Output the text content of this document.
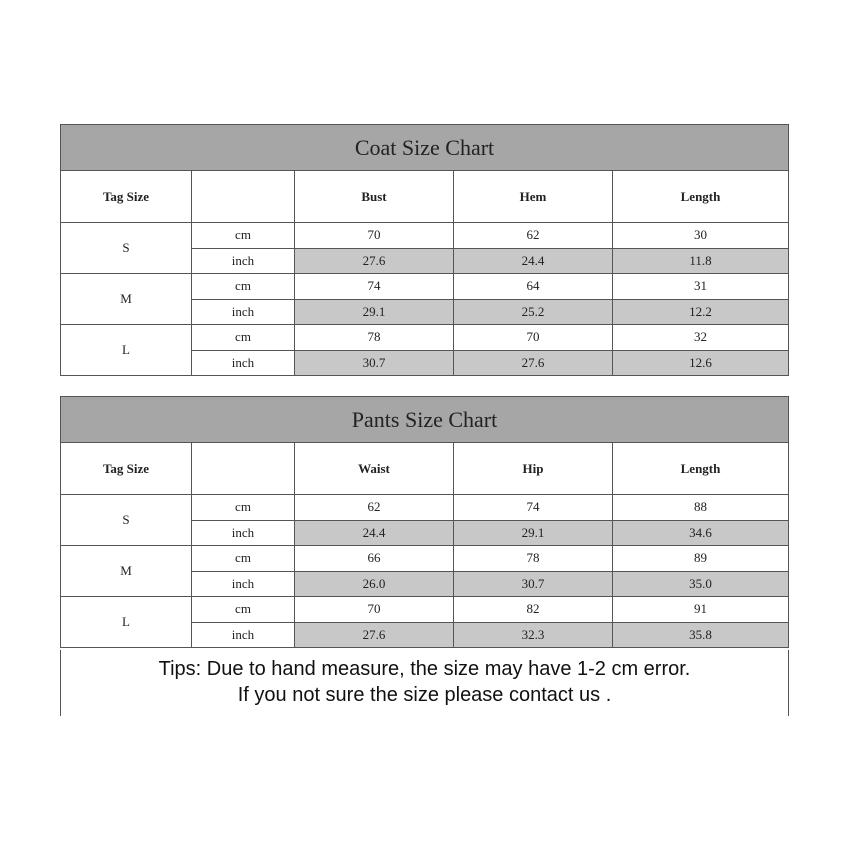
Coat Size Chart				
Tag Size		Bust	Hem	Length
S	cm	70	62	30
	inch	27.6	24.4	11.8
M	cm	74	64	31
	inch	29.1	25.2	12.2
L	cm	78	70	32
	inch	30.7	27.6	12.6
Pants Size Chart				
Tag Size		Waist	Hip	Length
S	cm	62	74	88
	inch	24.4	29.1	34.6
M	cm	66	78	89
	inch	26.0	30.7	35.0
L	cm	70	82	91
	inch	27.6	32.3	35.8
Tips: Due to hand measure, the size may have 1-2 cm error.
If you not sure the size please contact us .
